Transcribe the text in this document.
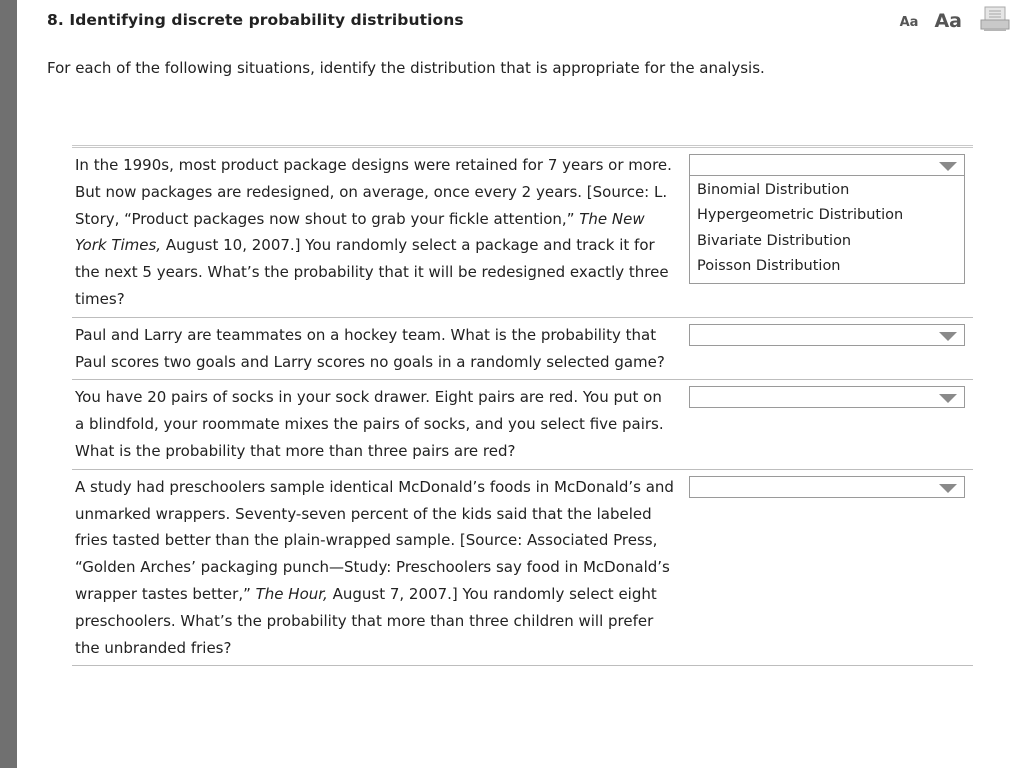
8. Identifying discrete probability distributions	Aa Aa
For each of the following situations, identify the distribution that is appropriate for the analysis.
In the 1990s, most product package designs were retained for 7 years or more. But now packages are redesigned, on average, once every 2 years. [Source: L. Story, “Product packages now shout to grab your fickle attention,” The New York Times, August 10, 2007.] You randomly select a package and track it for the next 5 years. What’s the probability that it will be redesigned exactly three times?
Binomial Distribution
Hypergeometric Distribution
Bivariate Distribution
Poisson Distribution
Paul and Larry are teammates on a hockey team. What is the probability that Paul scores two goals and Larry scores no goals in a randomly selected game?
You have 20 pairs of socks in your sock drawer. Eight pairs are red. You put on a blindfold, your roommate mixes the pairs of socks, and you select five pairs. What is the probability that more than three pairs are red?
A study had preschoolers sample identical McDonald’s foods in McDonald’s and unmarked wrappers. Seventy-seven percent of the kids said that the labeled fries tasted better than the plain-wrapped sample. [Source: Associated Press, “Golden Arches’ packaging punch—Study: Preschoolers say food in McDonald’s wrapper tastes better,” The Hour, August 7, 2007.] You randomly select eight preschoolers. What’s the probability that more than three children will prefer the unbranded fries?
